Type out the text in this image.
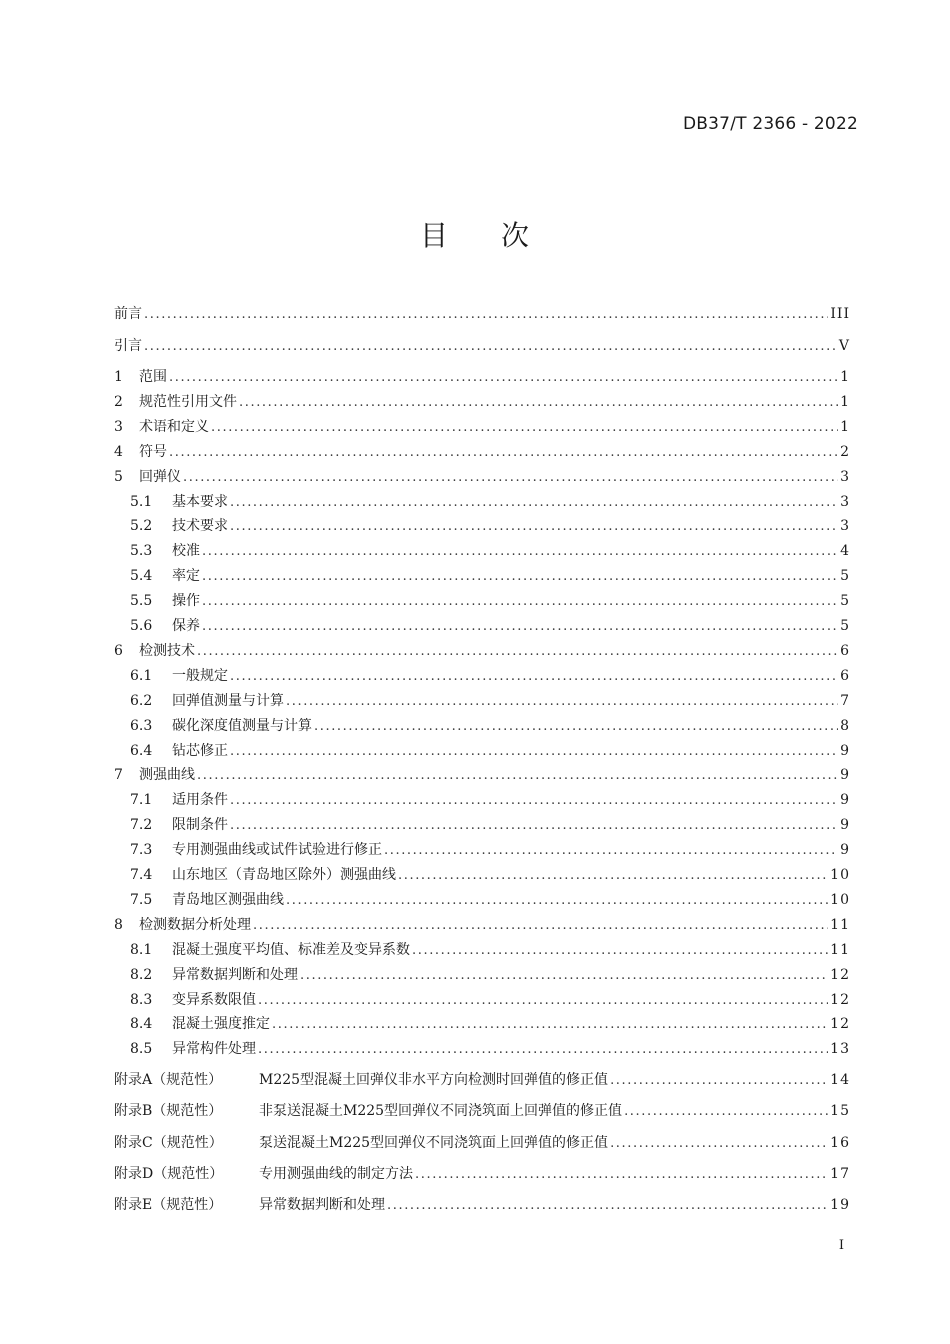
DB37/T 2366 - 2022
目 次
前言 .....	III
引言 .....	V
1	范围 .....	1
2	规范性引用文件 .....	1
3	术语和定义 .....	1
4	符号 .....	2
5	回弹仪 .....	3
5.1	基本要求 .....	3
5.2	技术要求 .....	3
5.3	校准 .....	4
5.4	率定 .....	5
5.5	操作 .....	5
5.6	保养 .....	5
6	检测技术 .....	6
6.1	一般规定 .....	6
6.2	回弹值测量与计算 .....	7
6.3	碳化深度值测量与计算 .....	8
6.4	钻芯修正 .....	9
7	测强曲线 .....	9
7.1	适用条件 .....	9
7.2	限制条件 .....	9
7.3	专用测强曲线或试件试验进行修正 .....	9
7.4	山东地区（青岛地区除外）测强曲线 .....	10
7.5	青岛地区测强曲线 .....	10
8	检测数据分析处理 .....	11
8.1	混凝土强度平均值、标准差及变异系数 .....	11
8.2	异常数据判断和处理 .....	12
8.3	变异系数限值 .....	12
8.4	混凝土强度推定 .....	12
8.5	异常构件处理 .....	13
附录A（规范性）	M225型混凝土回弹仪非水平方向检测时回弹值的修正值 .....	14
附录B（规范性）	非泵送混凝土M225型回弹仪不同浇筑面上回弹值的修正值 .....	15
附录C（规范性）	泵送混凝土M225型回弹仪不同浇筑面上回弹值的修正值 .....	16
附录D（规范性）	专用测强曲线的制定方法 .....	17
附录E（规范性）	异常数据判断和处理 .....	19
I
